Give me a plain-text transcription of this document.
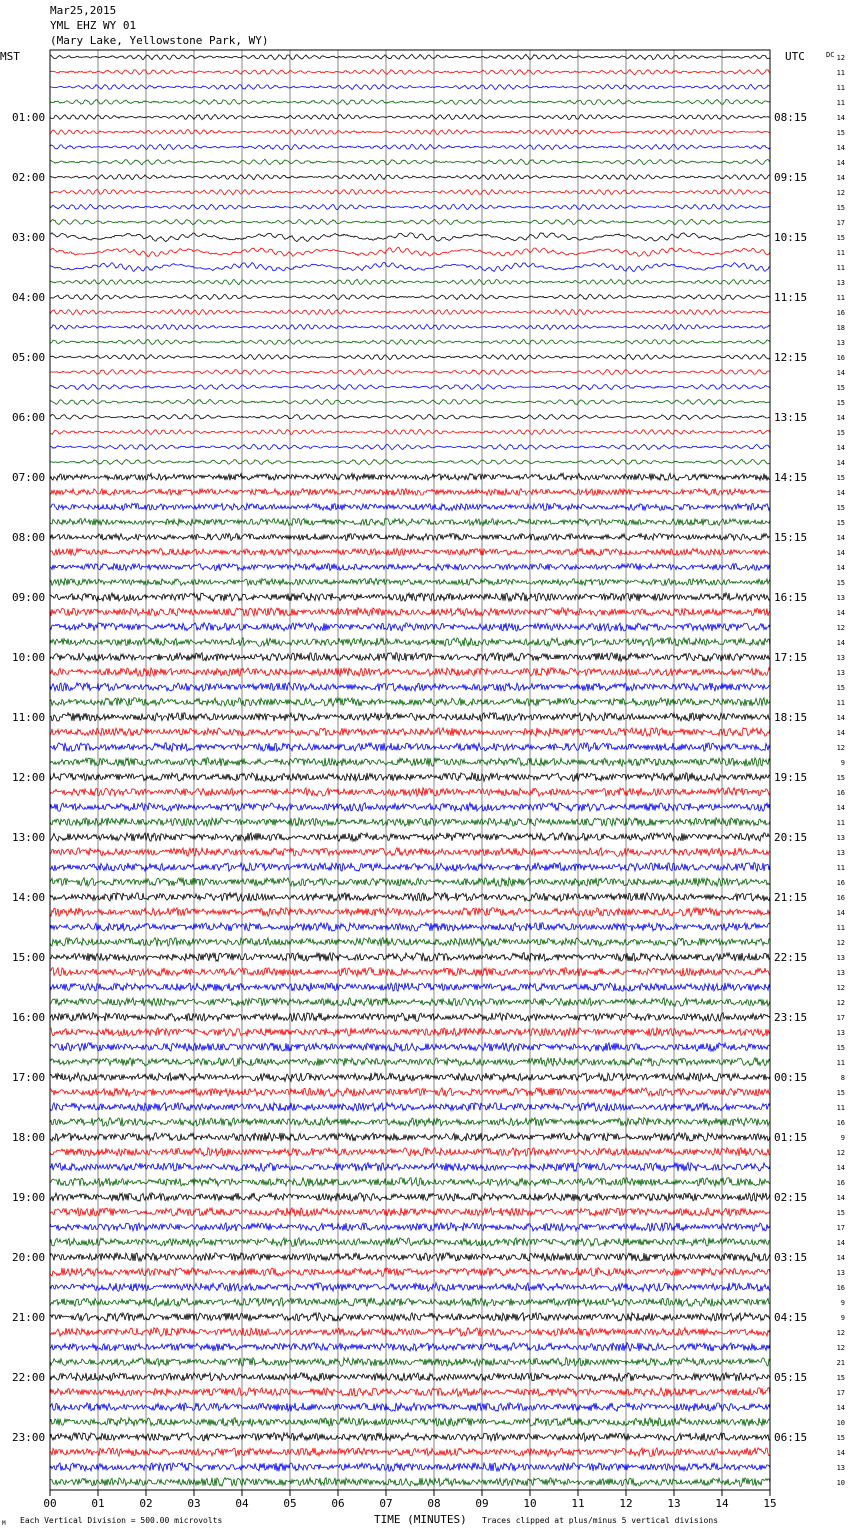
Mar25,2015
YML EHZ WY 01
(Mary Lake, Yellowstone Park, WY)
00	01	02	03	04	05	06	07	08	09	10	11	12	13	14	15
01:00
02:00
03:00
04:00
05:00
06:00
07:00
08:00
09:00
10:00
11:00
12:00
13:00
14:00
15:00
16:00
17:00
18:00
19:00
20:00
21:00
22:00
23:00
08:15
09:15
10:15
11:15
12:15
13:15
14:15
15:15
16:15
17:15
18:15
19:15
20:15
21:15
22:15
23:15
00:15
01:15
02:15
03:15
04:15
05:15
06:15
12
11
11
11
14
15
14
14
14
12
15
17
15
11
11
13
11
16
18
13
16
14
15
15
14
15
14
14
15
14
15
15
14
14
14
15
13
14
12
14
13
13
15
11
14
14
12
9
15
16
14
11
13
13
11
16
16
14
11
12
13
13
12
12
17
13
15
11
8
15
11
16
9
12
14
16
14
15
17
14
14
13
16
9
9
12
12
21
15
17
14
10
15
14
13
10
MST	UTC	DC
TIME (MINUTES)
Each Vertical Division = 500.00 microvolts	Traces clipped at plus/minus 5 vertical divisions
M
